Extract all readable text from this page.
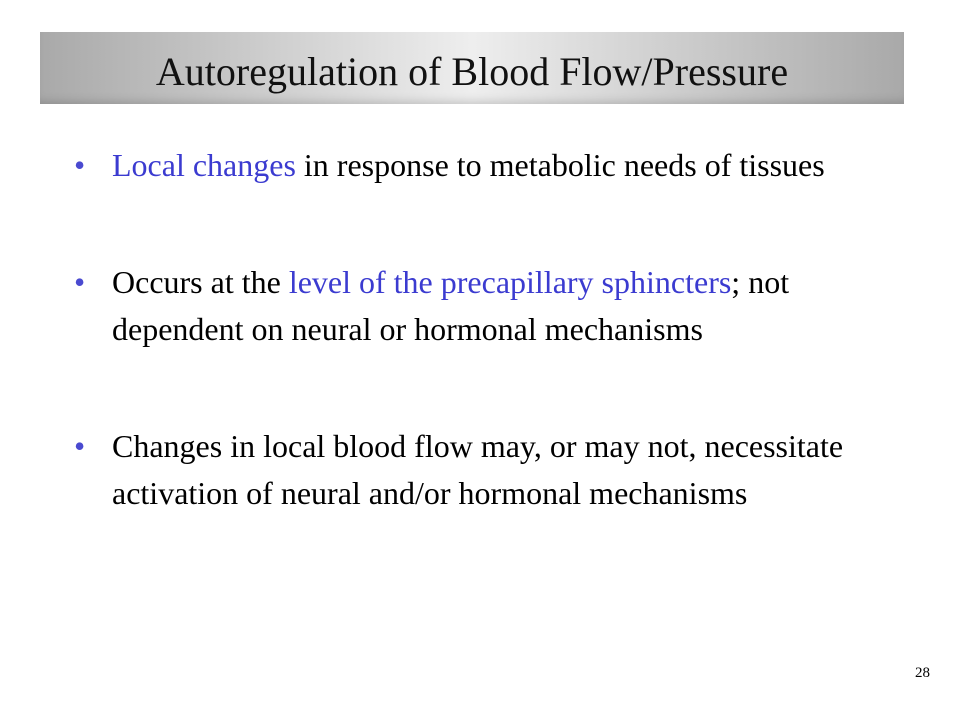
Autoregulation of Blood Flow/Pressure
• Local changes in response to metabolic needs of tissues
• Occurs at the level of the precapillary sphincters; not dependent on neural or hormonal mechanisms
• Changes in local blood flow may, or may not, necessitate activation of neural and/or hormonal mechanisms
28
